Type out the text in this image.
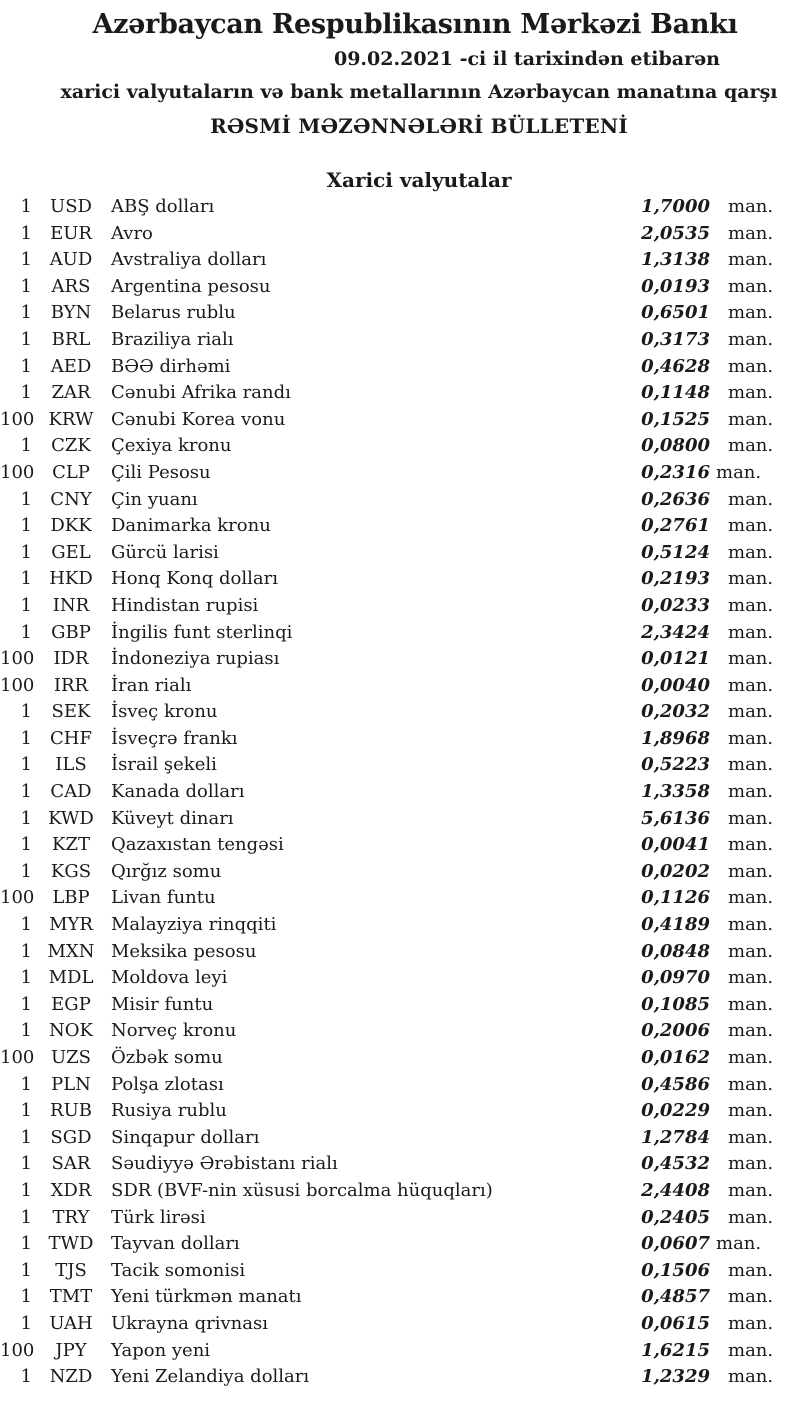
Azərbaycan Respublikasının Mərkəzi Bankı
09.02.2021 -ci il tarixindən etibarən
xarici valyutaların və bank metallarının Azərbaycan manatına qarşı
RƏSMİ MƏZƏNNƏLƏRİ BÜLLETENİ
Xarici valyutalar
1	USD	ABŞ dolları	1,7000 man.
1	EUR	Avro	2,0535 man.
1 AUD	Avstraliya dolları	1,3138 man.
1	ARS	Argentina pesosu	0,0193 man.
1	BYN	Belarus rublu	0,6501 man.
1	BRL	Braziliya rialı	0,3173 man.
1	AED	BƏƏ dirhəmi	0,4628 man.
1	ZAR	Cənubi Afrika randı	0,1148 man.
100 KRW Cənubi Korea vonu	0,1525 man.
1	CZK	Çexiya kronu	0,0800 man.
100 CLP	Çili Pesosu	0,2316 man.
1	CNY	Çin yuanı	0,2636 man.
1	DKK	Danimarka kronu	0,2761 man.
1	GEL	Gürcü larisi	0,5124 man.
1 HKD	Honq Konq dolları	0,2193 man.
1	INR	Hindistan rupisi	0,0233 man.
1	GBP	İngilis funt sterlinqi	2,3424 man.
100	IDR	İndoneziya rupiası	0,0121 man.
100	IRR	İran rialı	0,0040 man.
1	SEK	İsveç kronu	0,2032 man.
1	CHF	İsveçrə frankı	1,8968 man.
1	ILS	İsrail şekeli	0,5223 man.
1	CAD	Kanada dolları	1,3358 man.
1 KWD Küveyt dinarı	5,6136 man.
1	KZT	Qazaxıstan tengəsi	0,0041 man.
1	KGS	Qırğız somu	0,0202 man.
100 LBP	Livan funtu	0,1126 man.
1 MYR	Malayziya rinqqiti	0,4189 man.
1 MXN Meksika pesosu	0,0848 man.
1 MDL Moldova leyi	0,0970 man.
1	EGP	Misir funtu	0,1085 man.
1 NOK	Norveç kronu	0,2006 man.
100 UZS	Özbək somu	0,0162 man.
1	PLN	Polşa zlotası	0,4586 man.
1	RUB	Rusiya rublu	0,0229 man.
1	SGD	Sinqapur dolları	1,2784 man.
1	SAR	Səudiyyə Ərəbistanı rialı	0,4532 man.
1	XDR	SDR (BVF-nin xüsusi borcalma hüquqları)	2,4408 man.
1	TRY	Türk lirəsi	0,2405 man.
1 TWD Tayvan dolları	0,0607 man.
1	TJS	Tacik somonisi	0,1506 man.
1 TMT	Yeni türkmən manatı	0,4857 man.
1 UAH	Ukrayna qrivnası	0,0615 man.
100	JPY	Yapon yeni	1,6215 man.
1 NZD	Yeni Zelandiya dolları	1,2329 man.
